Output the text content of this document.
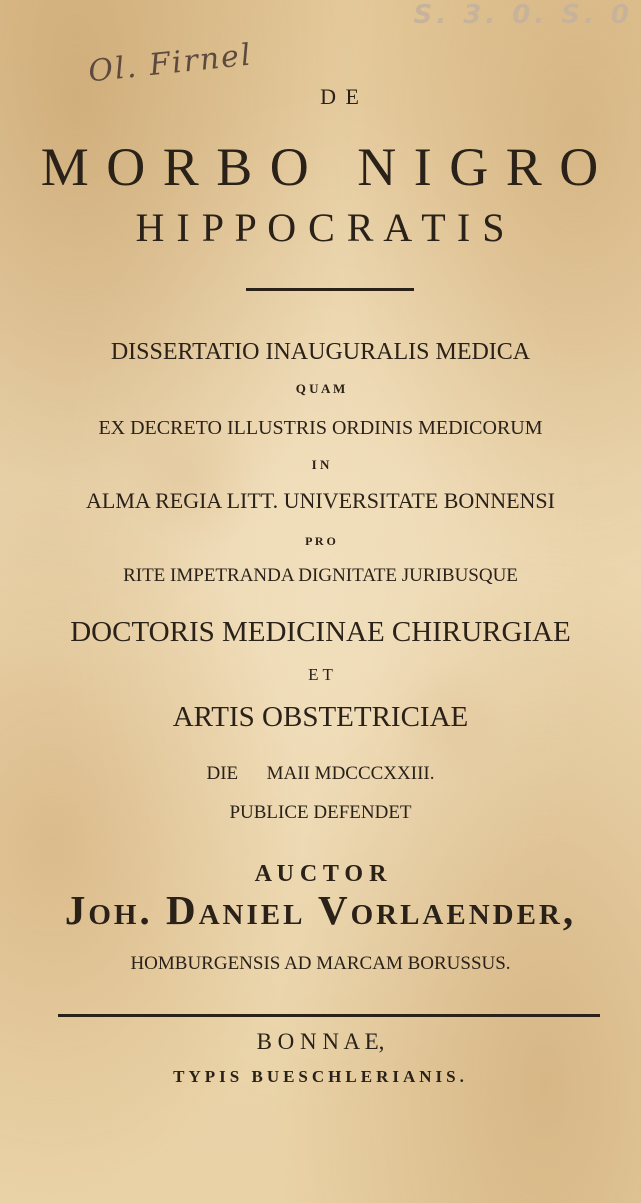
S. 3. 0. S. 0
Ol. Firnel

D E

M O R B O   N I G R O

H I P P O C R A T I S

DISSERTATIO INAUGURALIS MEDICA

Q U A M

EX DECRETO ILLUSTRIS ORDINIS MEDICORUM

I N

ALMA REGIA LITT. UNIVERSITATE BONNENSI

P R O

RITE IMPETRANDA DIGNITATE JURIBUSQUE

DOCTORIS MEDICINAE CHIRURGIAE

E T

ARTIS OBSTETRICIAE

DIE      MAII MDCCCXXIII.

PUBLICE DEFENDET

A U C T O R

Joh. Daniel Vorlaender,

HOMBURGENSIS AD MARCAM BORUSSUS.

B O N N A E,

TYPIS BUESCHLERIANIS.
